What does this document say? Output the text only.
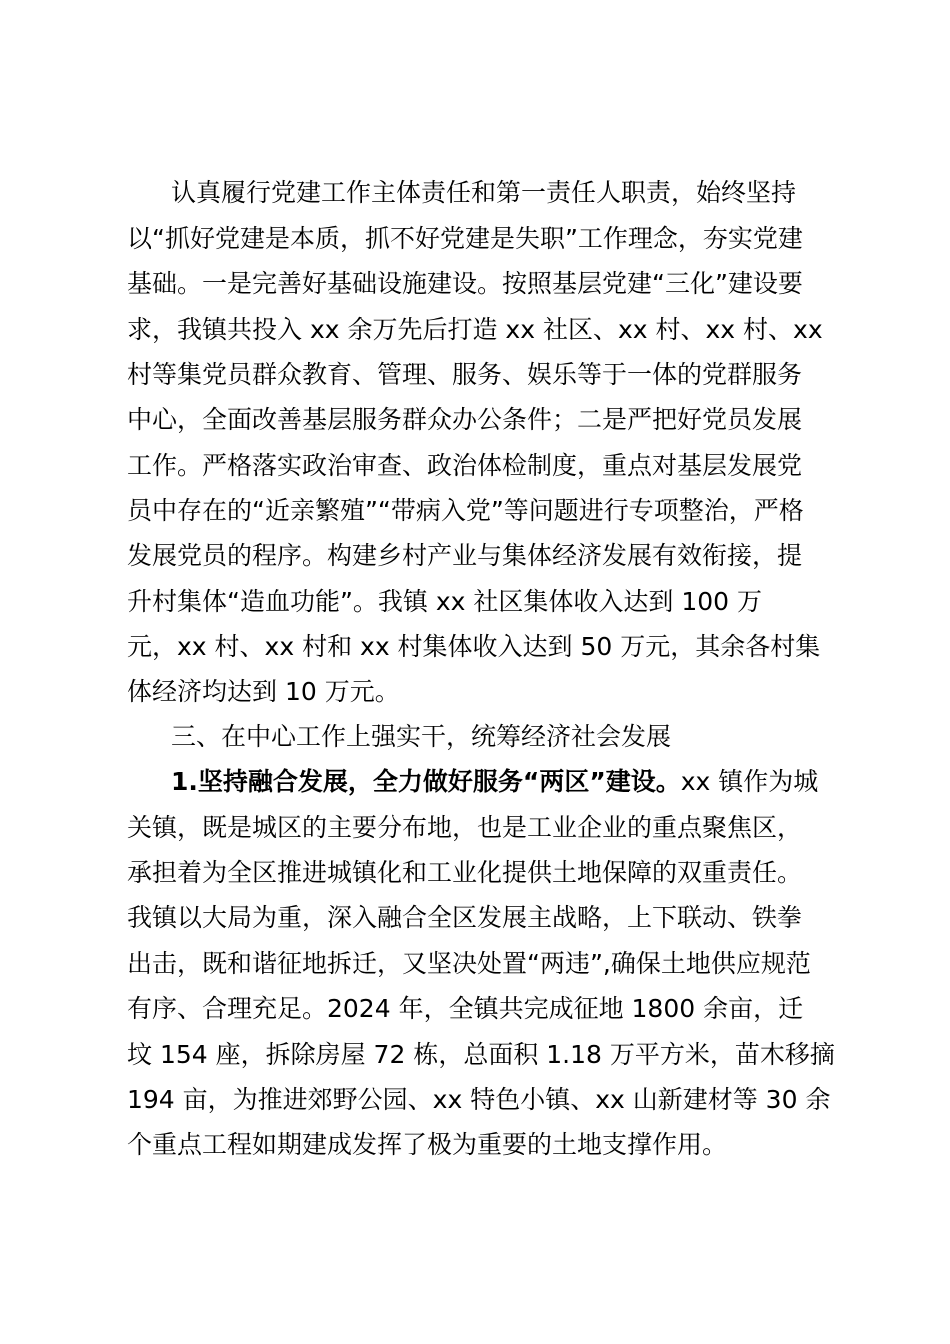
认真履行党建工作主体责任和第一责任人职责，始终坚持

以“抓好党建是本质，抓不好党建是失职”工作理念，夯实党建

基础。一是完善好基础设施建设。按照基层党建“三化”建设要

求，我镇共投入 xx 余万先后打造 xx 社区、xx 村、xx 村、xx

村等集党员群众教育、管理、服务、娱乐等于一体的党群服务

中心，全面改善基层服务群众办公条件；二是严把好党员发展

工作。严格落实政治审查、政治体检制度，重点对基层发展党

员中存在的“近亲繁殖”“带病入党”等问题进行专项整治，严格

发展党员的程序。构建乡村产业与集体经济发展有效衔接，提

升村集体“造血功能”。我镇 xx 社区集体收入达到 100 万

元，xx 村、xx 村和 xx 村集体收入达到 50 万元，其余各村集

体经济均达到 10 万元。

三、在中心工作上强实干，统筹经济社会发展

1.坚持融合发展，全力做好服务“两区”建设。xx 镇作为城

关镇，既是城区的主要分布地，也是工业企业的重点聚焦区，

承担着为全区推进城镇化和工业化提供土地保障的双重责任。

我镇以大局为重，深入融合全区发展主战略，上下联动、铁拳

出击，既和谐征地拆迁，又坚决处置“两违”,确保土地供应规范

有序、合理充足。2024 年，全镇共完成征地 1800 余亩，迁

坟 154 座，拆除房屋 72 栋，总面积 1.18 万平方米，苗木移摘

194 亩，为推进郊野公园、xx 特色小镇、xx 山新建材等 30 余

个重点工程如期建成发挥了极为重要的土地支撑作用。
